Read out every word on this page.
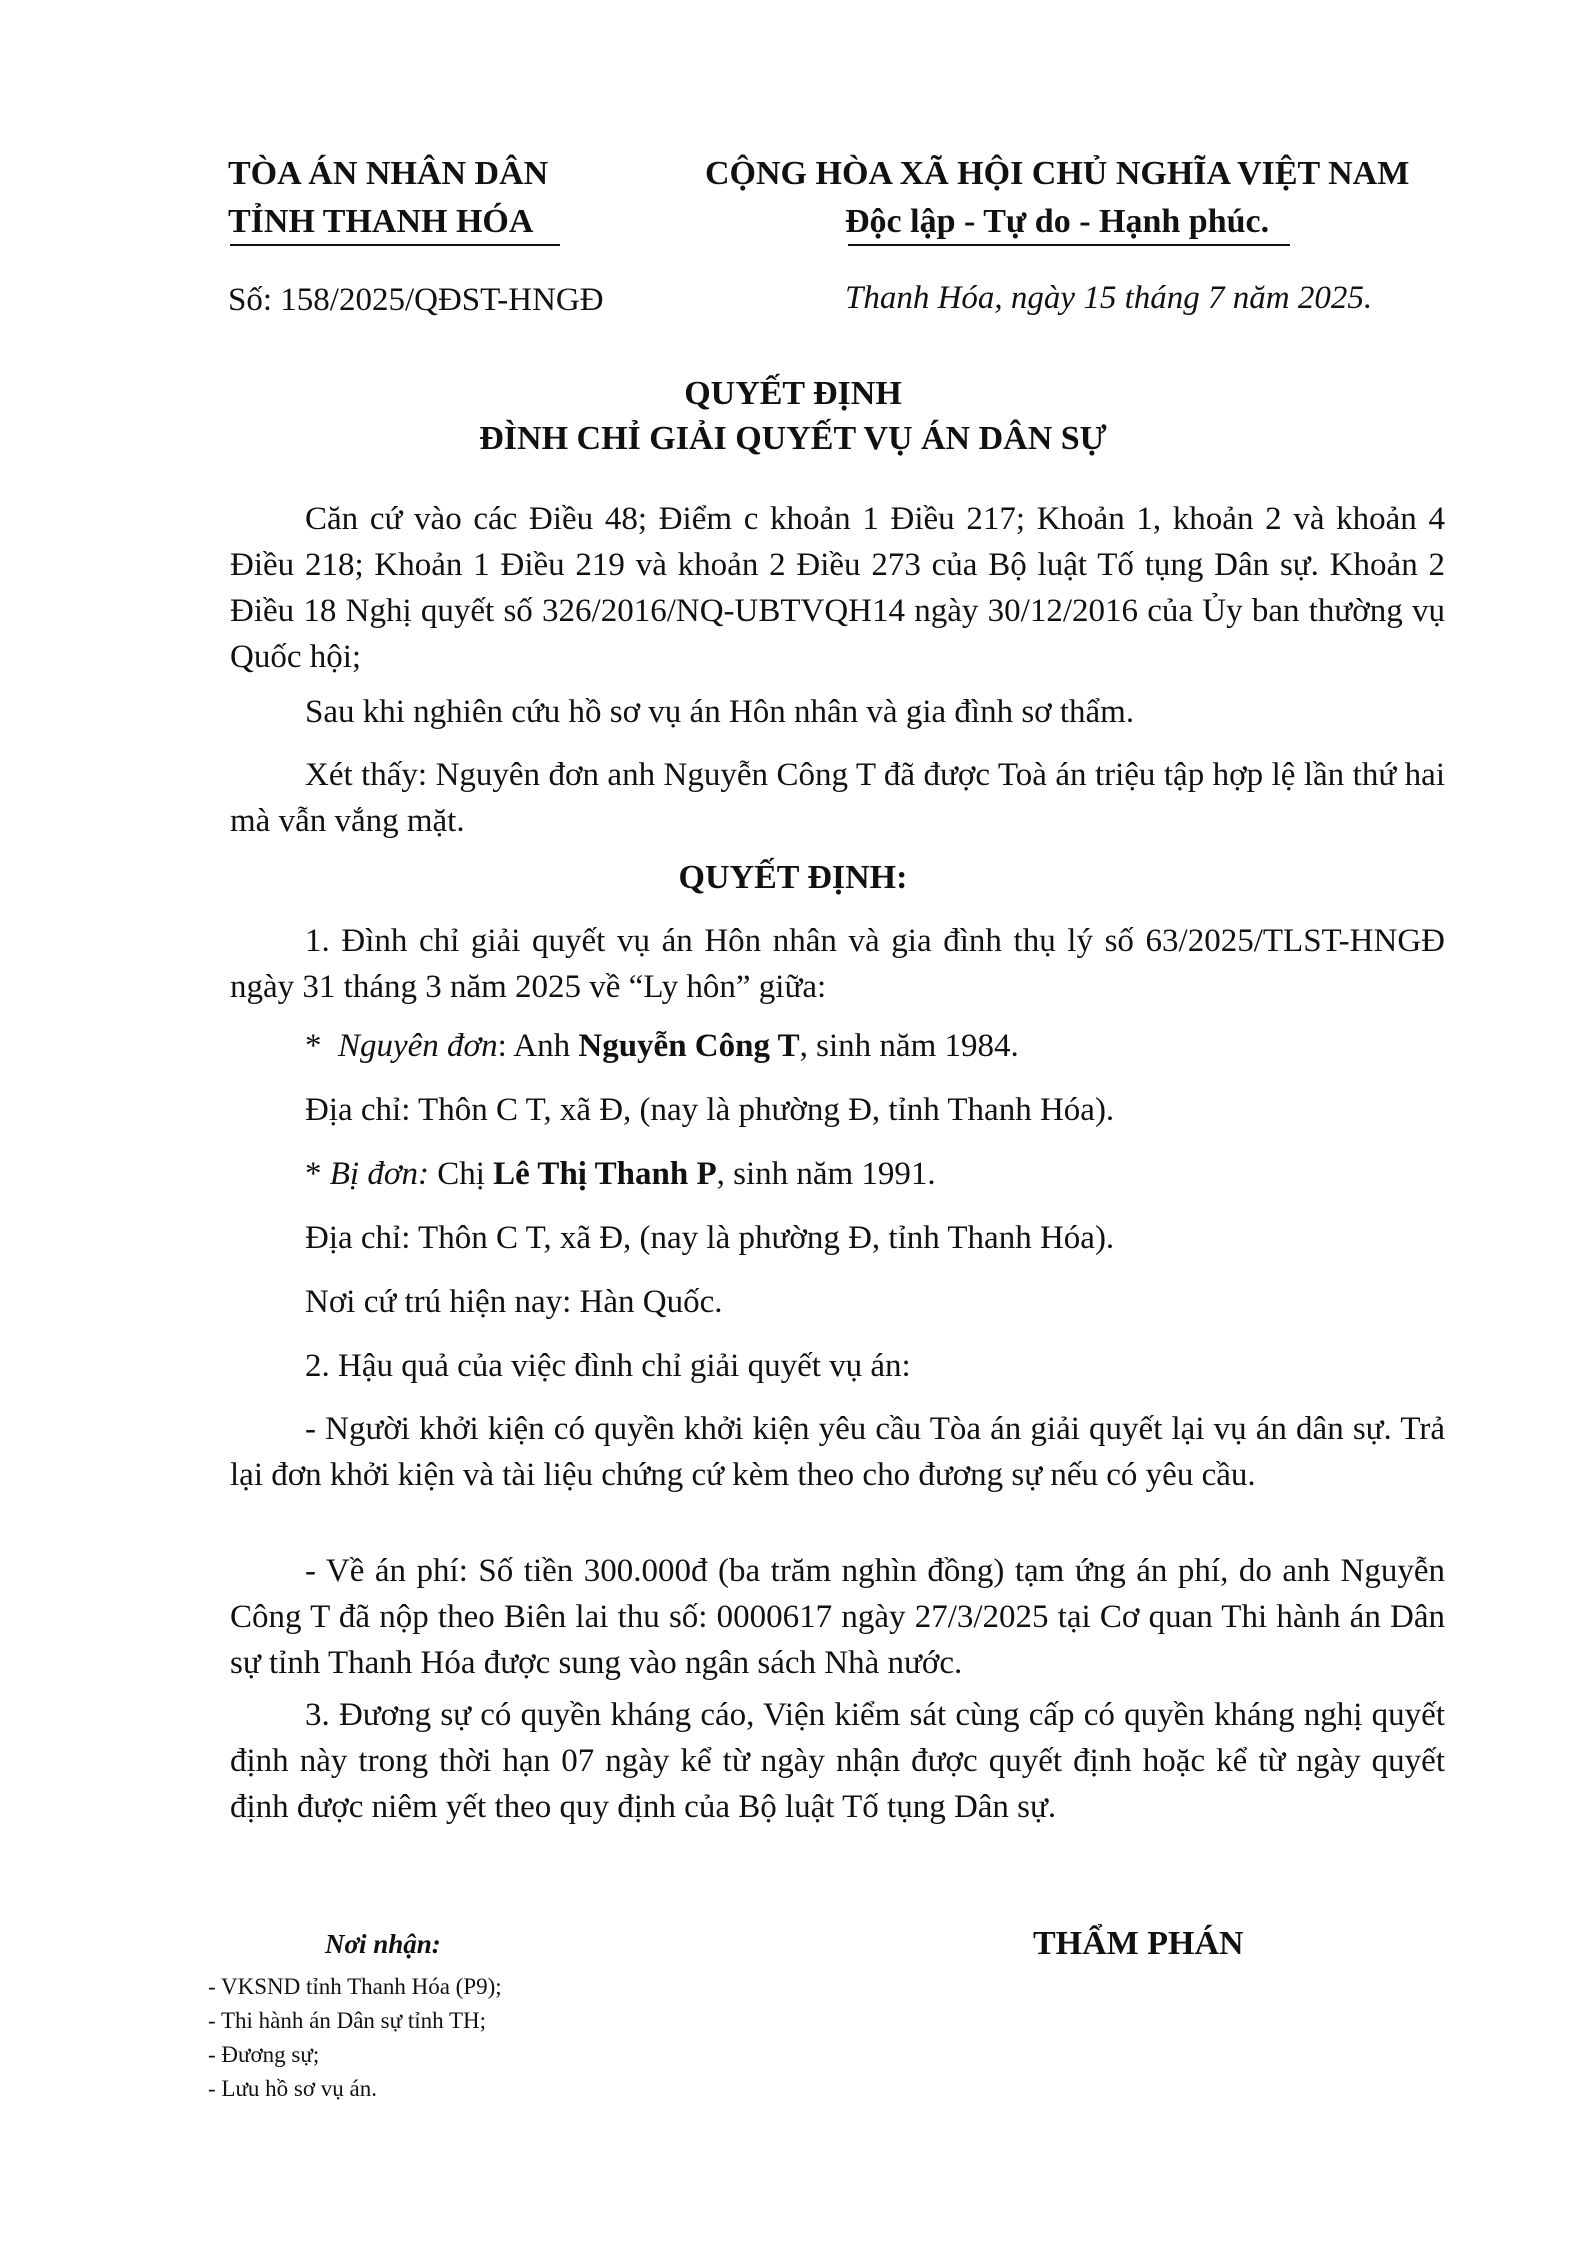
TÒA ÁN NHÂN DÂN
TỈNH THANH HÓA
CỘNG HÒA XÃ HỘI CHỦ NGHĨA VIỆT NAM
Độc lập - Tự do - Hạnh phúc.
Số: 158/2025/QĐST-HNGĐ	Thanh Hóa, ngày 15 tháng 7 năm 2025.
QUYẾT ĐỊNH
ĐÌNH CHỈ GIẢI QUYẾT VỤ ÁN DÂN SỰ
Căn cứ vào các Điều 48; Điểm c khoản 1 Điều 217; Khoản 1, khoản 2 và khoản 4 Điều 218; Khoản 1 Điều 219 và khoản 2 Điều 273 của Bộ luật Tố tụng Dân sự. Khoản 2 Điều 18 Nghị quyết số 326/2016/NQ-UBTVQH14 ngày 30/12/2016 của Ủy ban thường vụ Quốc hội;
Sau khi nghiên cứu hồ sơ vụ án Hôn nhân và gia đình sơ thẩm.
Xét thấy: Nguyên đơn anh Nguyễn Công T đã được Toà án triệu tập hợp lệ lần thứ hai mà vẫn vắng mặt.
QUYẾT ĐỊNH:
1. Đình chỉ giải quyết vụ án Hôn nhân và gia đình thụ lý số 63/2025/TLST-HNGĐ ngày 31 tháng 3 năm 2025 về “Ly hôn” giữa:
* Nguyên đơn: Anh Nguyễn Công T, sinh năm 1984.
Địa chỉ: Thôn C T, xã Đ, (nay là phường Đ, tỉnh Thanh Hóa).
* Bị đơn: Chị Lê Thị Thanh P, sinh năm 1991.
Địa chỉ: Thôn C T, xã Đ, (nay là phường Đ, tỉnh Thanh Hóa).
Nơi cứ trú hiện nay: Hàn Quốc.
2. Hậu quả của việc đình chỉ giải quyết vụ án:
- Người khởi kiện có quyền khởi kiện yêu cầu Tòa án giải quyết lại vụ án dân sự. Trả lại đơn khởi kiện và tài liệu chứng cứ kèm theo cho đương sự nếu có yêu cầu.
- Về án phí: Số tiền 300.000đ (ba trăm nghìn đồng) tạm ứng án phí, do anh Nguyễn Công T đã nộp theo Biên lai thu số: 0000617 ngày 27/3/2025 tại Cơ quan Thi hành án Dân sự tỉnh Thanh Hóa được sung vào ngân sách Nhà nước.
3. Đương sự có quyền kháng cáo, Viện kiểm sát cùng cấp có quyền kháng nghị quyết định này trong thời hạn 07 ngày kể từ ngày nhận được quyết định hoặc kể từ ngày quyết định được niêm yết theo quy định của Bộ luật Tố tụng Dân sự.
Nơi nhận:
- VKSND tỉnh Thanh Hóa (P9);
- Thi hành án Dân sự tỉnh TH;
- Đương sự;
- Lưu hồ sơ vụ án.
THẨM PHÁN
